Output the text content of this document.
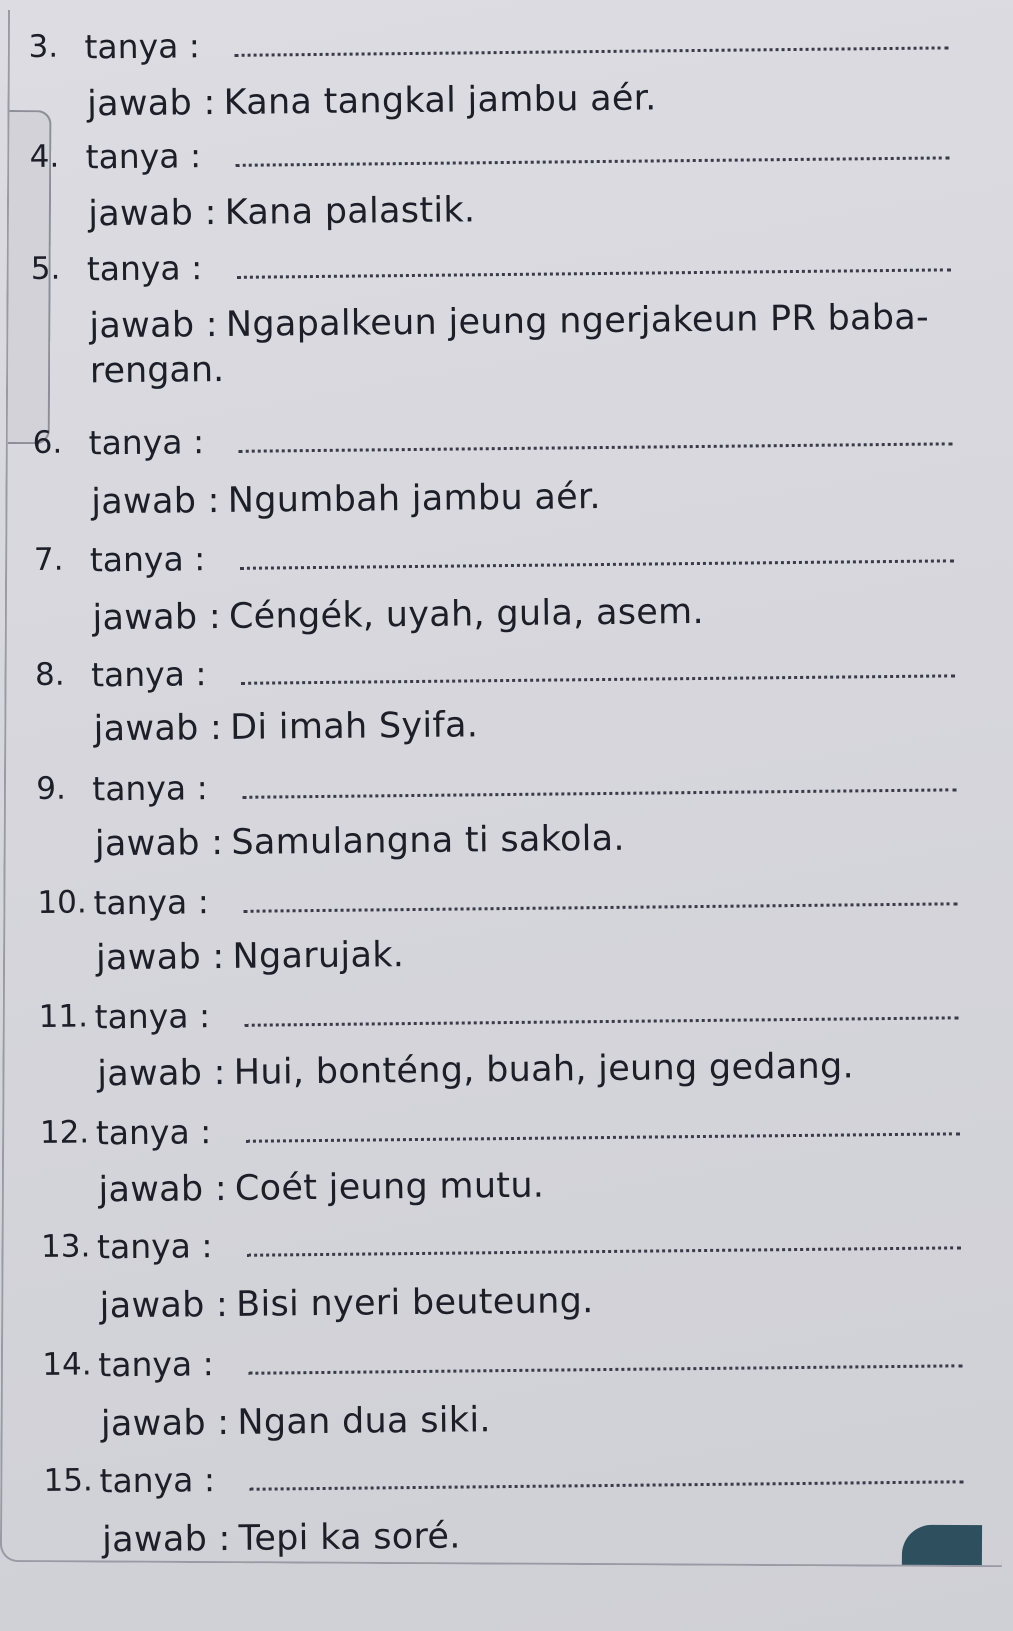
3. tanya :
jawab : Kana tangkal jambu aér.
4. tanya :
jawab : Kana palastik.
5. tanya :
jawab : Ngapalkeun jeung ngerjakeun PR baba-
rengan.
6. tanya :
jawab : Ngumbah jambu aér.
7. tanya :
jawab : Céngék, uyah, gula, asem.
8. tanya :
jawab : Di imah Syifa.
9. tanya :
jawab : Samulangna ti sakola.
10. tanya :
jawab : Ngarujak.
11. tanya :
jawab : Hui, bonténg, buah, jeung gedang.
12. tanya :
jawab : Coét jeung mutu.
13. tanya :
jawab : Bisi nyeri beuteung.
14. tanya :
jawab : Ngan dua siki.
15. tanya :
jawab : Tepi ka soré.
